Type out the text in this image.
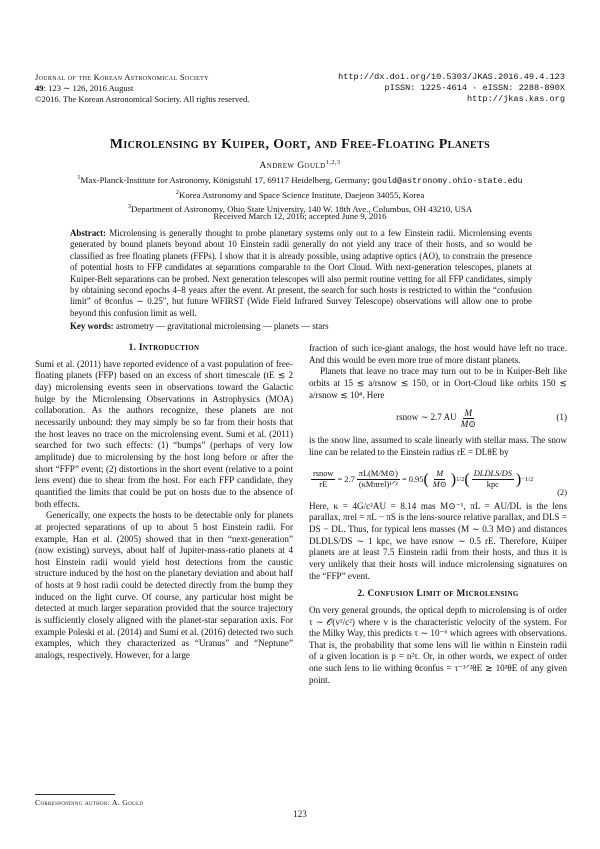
Journal of the Korean Astronomical Society
49: 123 ∼ 126, 2016 August
©2016. The Korean Astronomical Society. All rights reserved.
http://dx.doi.org/10.5303/JKAS.2016.49.4.123
pISSN: 1225-4614 · eISSN: 2288-890X
http://jkas.kas.org
Microlensing by Kuiper, Oort, and Free-Floating Planets
Andrew Gould$^{1,2,3}$
$^1$Max-Planck-Institute for Astronomy, Königstuhl 17, 69117 Heidelberg, Germany; gould@astronomy.ohio-state.edu
$^2$Korea Astronomy and Space Science Institute, Daejeon 34055, Korea
$^3$Department of Astronomy, Ohio State University, 140 W. 18th Ave., Columbus, OH 43210, USA
Received March 12, 2016; accepted June 9, 2016
Abstract: Microlensing is generally thought to probe planetary systems only out to a few Einstein radii. Microlensing events generated by bound planets beyond about 10 Einstein radii generally do not yield any trace of their hosts, and so would be classified as free floating planets (FFPs). I show that it is already possible, using adaptive optics (AO), to constrain the presence of potential hosts to FFP candidates at separations comparable to the Oort Cloud. With next-generation telescopes, planets at Kuiper-Belt separations can be probed. Next generation telescopes will also permit routine vetting for all FFP candidates, simply by obtaining second epochs 4–8 years after the event. At present, the search for such hosts is restricted to within the “confusion limit” of θconfus ∼ 0.25″, but future WFIRST (Wide Field Infrared Survey Telescope) observations will allow one to probe beyond this confusion limit as well.
Key words: astrometry — gravitational microlensing — planets — stars
1. Introduction

Sumi et al. (2011) have reported evidence of a vast population of free-floating planets (FFP) based on an excess of short timescale (tE ≲ 2 day) microlensing events seen in observations toward the Galactic bulge by the Microlensing Observations in Astrophysics (MOA) collaboration. As the authors recognize, these planets are not necessarily unbound: they may simply be so far from their hosts that the host leaves no trace on the microlensing event. Sumi et al. (2011) searched for two such effects: (1) “bumps” (perhaps of very low amplitude) due to microlensing by the host long before or after the short “FFP” event; (2) distortions in the short event (relative to a point lens event) due to shear from the host. For each FFP candidate, they quantified the limits that could be put on hosts due to the absence of both effects.

Generically, one expects the hosts to be detectable only for planets at projected separations of up to about 5 host Einstein radii. For example, Han et al. (2005) showed that in then “next-generation” (now existing) surveys, about half of Jupiter-mass-ratio planets at 4 host Einstein radii would yield host detections from the caustic structure induced by the host on the planetary deviation and about half of hosts at 9 host radii could be detected directly from the bump they induced on the light curve. Of course, any particular host might be detected at much larger separation provided that the source trajectory is sufficiently closely aligned with the planet-star separation axis. For example Poleski et al. (2014) and Sumi et al. (2016) detected two such examples, which they characterized as “Uranus” and “Neptune” analogs, respectively. However, for a large

fraction of such ice-giant analogs, the host would have left no trace. And this would be even more true of more distant planets.

Planets that leave no trace may turn out to be in Kuiper-Belt like orbits at 15 ≲ a/rsnow ≲ 150, or in Oort-Cloud like orbits 150 ≲ a/rsnow ≲ 10⁴. Here

rsnow ∼ 2.7 AU $\frac{M}{M⊙}$	(1)

is the snow line, assumed to scale linearly with stellar mass. The snow line can be related to the Einstein radius rE = DLθE by

$\frac{\text{rsnow}}{rE} = 2.7 \frac{\pi L(M/M⊙)}{\text{(κMπrel)¹ᐟ²}} = 0.95$ ( $\frac{M}{M⊙}$ ) 1/2 ( $\frac{\text{DLDLS/DS}}{\text{kpc}}$ ) −1/2
(2)

Here, κ = 4G/c²AU = 8.14 mas M⊙⁻¹, πL = AU/DL is the lens parallax, πrel = πL − πS is the lens-source relative parallax, and DLS = DS − DL. Thus, for typical lens masses (M ∼ 0.3 M⊙) and distances DLDLS/DS ∼ 1 kpc, we have rsnow ∼ 0.5 rE. Therefore, Kuiper planets are at least 7.5 Einstein radii from their hosts, and thus it is very unlikely that their hosts will induce microlensing signatures on the “FFP” event.

2. Confusion Limit of Microlensing

On very general grounds, the optical depth to microlensing is of order τ ∼ 𝒪(v²/c²) where v is the characteristic velocity of the system. For the Milky Way, this predicts τ ∼ 10⁻⁶ which agrees with observations. That is, the probability that some lens will lie within n Einstein radii of a given location is p = n²τ. Or, in other words, we expect of order one such lens to lie withing θconfus = τ⁻¹ᐟ²θE ≳ 10³θE of any given point.

Corresponding author: A. Gould
123
